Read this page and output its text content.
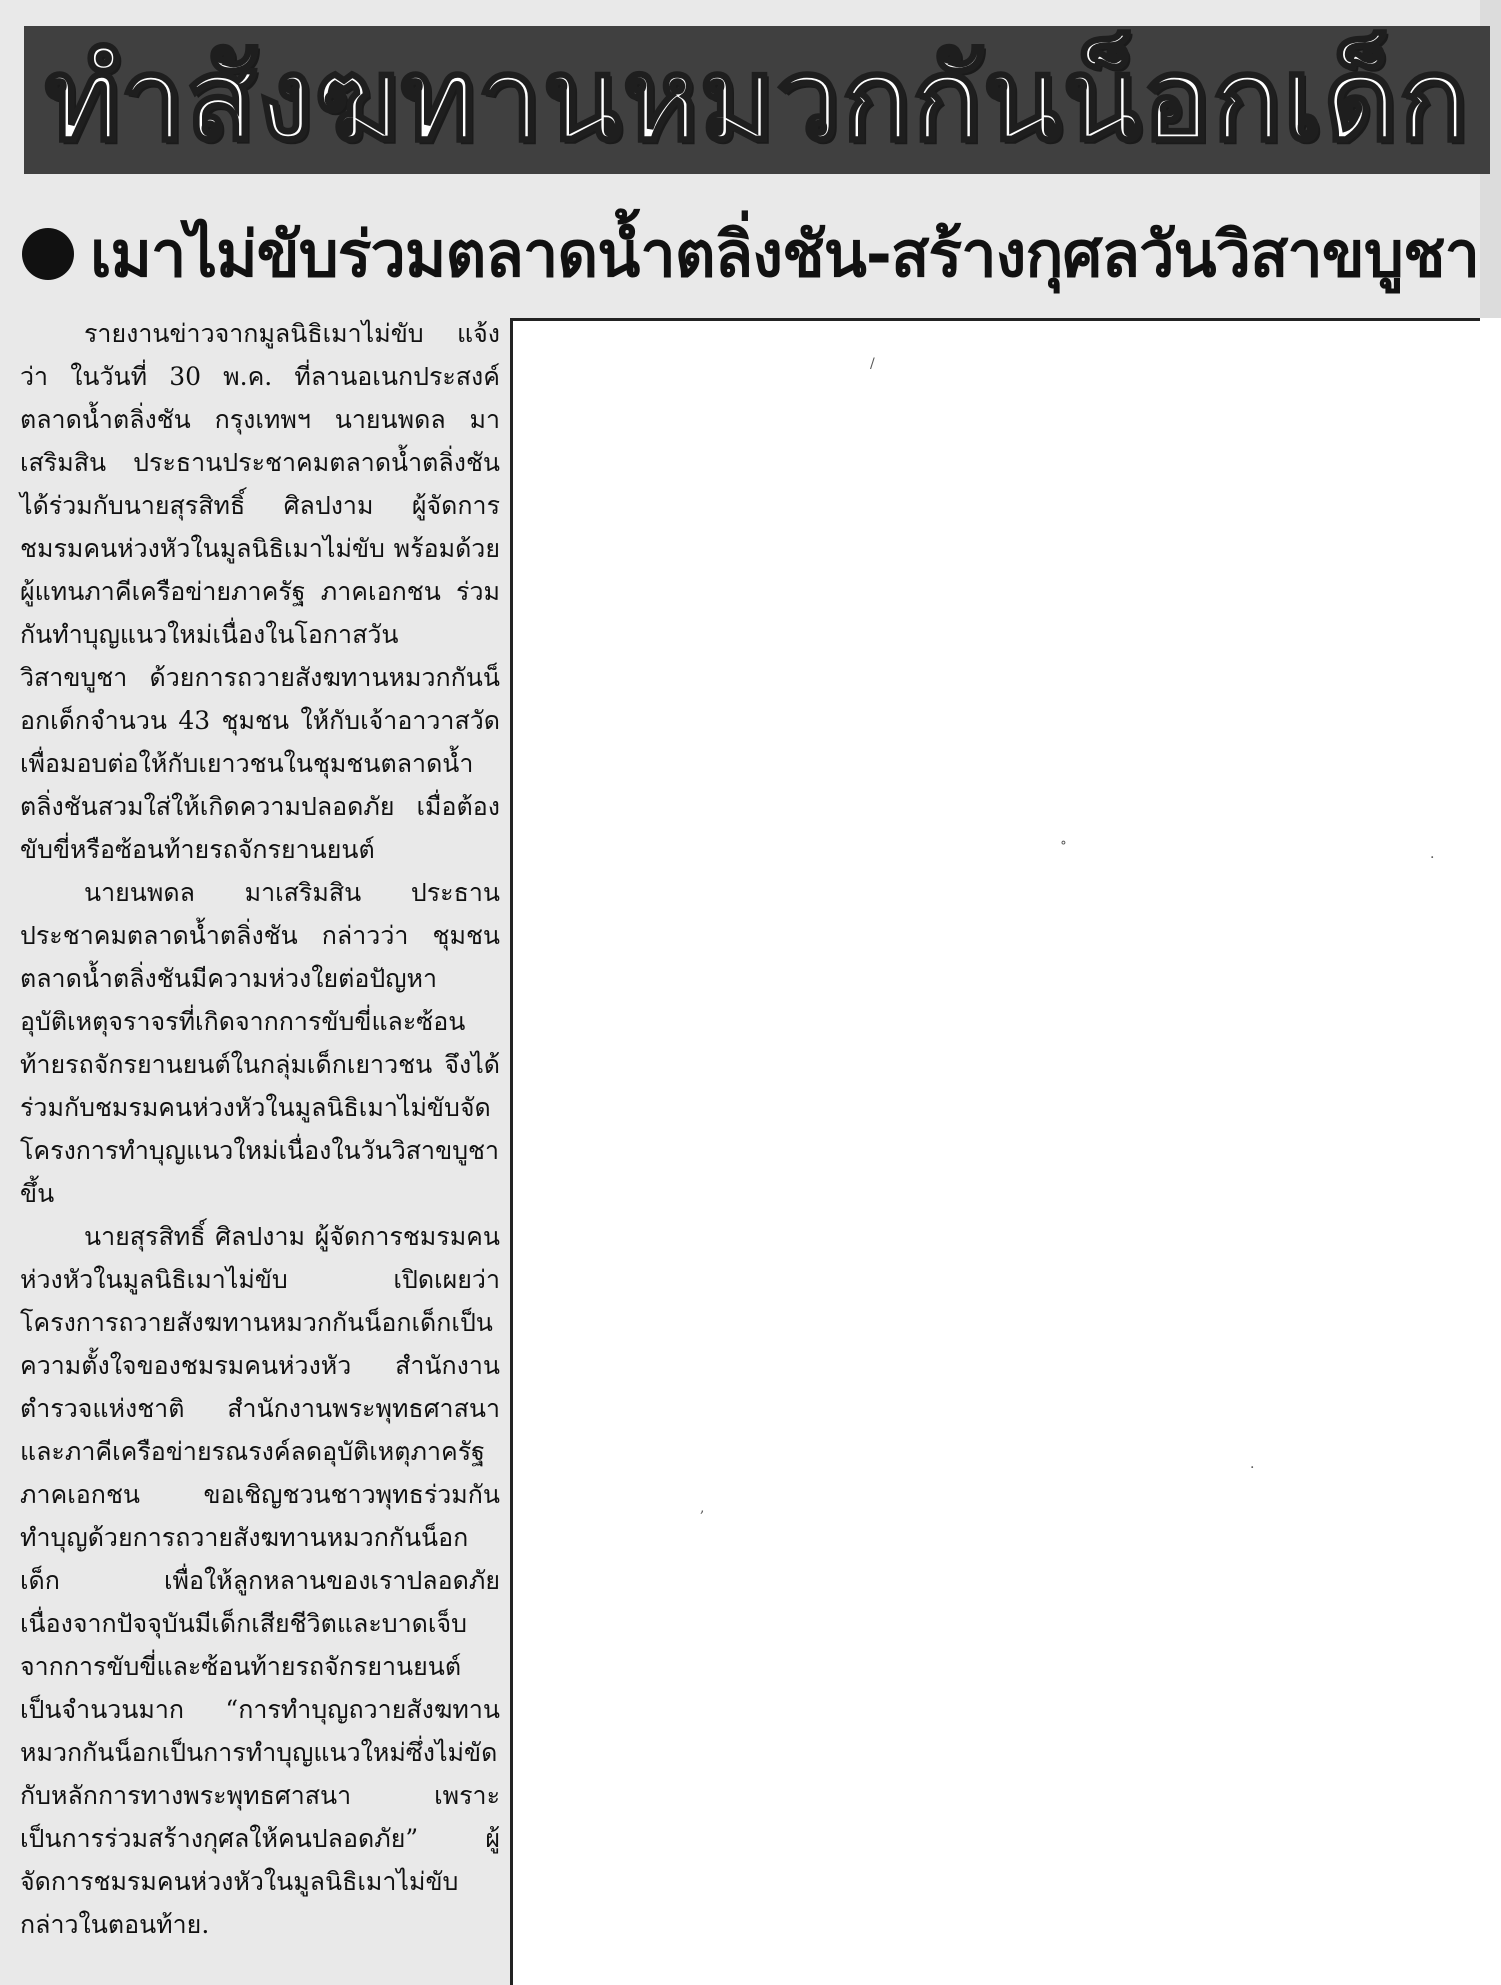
ทำสังฆทานหมวกกันน็อกเด็ก
เมาไม่ขับร่วมตลาดน้ำตลิ่งชัน-สร้างกุศลวันวิสาขบูชา

รายงานข่าวจากมูลนิธิเมาไม่ขับ แจ้งว่า ในวันที่ 30 พ.ค. ที่ลานอเนกประสงค์ตลาดน้ำตลิ่งชัน กรุงเทพฯ นายนพดล มาเสริมสิน ประธานประชาคมตลาดน้ำตลิ่งชัน ได้ร่วมกับนายสุรสิทธิ์ ศิลปงาม ผู้จัดการชมรมคนห่วงหัวในมูลนิธิเมาไม่ขับ พร้อมด้วยผู้แทนภาคีเครือข่ายภาครัฐ ภาคเอกชน ร่วมกันทำบุญแนวใหม่เนื่องในโอกาสวันวิสาขบูชา ด้วยการถวายสังฆทานหมวกกันน็อกเด็กจำนวน 43 ชุมชน ให้กับเจ้าอาวาสวัด เพื่อมอบต่อให้กับเยาวชนในชุมชนตลาดน้ำตลิ่งชันสวมใส่ให้เกิดความปลอดภัย เมื่อต้องขับขี่หรือซ้อนท้ายรถจักรยานยนต์

นายนพดล มาเสริมสิน ประธานประชาคมตลาดน้ำตลิ่งชัน กล่าวว่า ชุมชนตลาดน้ำตลิ่งชันมีความห่วงใยต่อปัญหาอุบัติเหตุจราจรที่เกิดจากการขับขี่และซ้อนท้ายรถจักรยานยนต์ในกลุ่มเด็กเยาวชน จึงได้ร่วมกับชมรมคนห่วงหัวในมูลนิธิเมาไม่ขับจัดโครงการทำบุญแนวใหม่เนื่องในวันวิสาขบูชาขึ้น

นายสุรสิทธิ์ ศิลปงาม ผู้จัดการชมรมคนห่วงหัวในมูลนิธิเมาไม่ขับ เปิดเผยว่า โครงการถวายสังฆทานหมวกกันน็อกเด็กเป็นความตั้งใจของชมรมคนห่วงหัว สำนักงานตำรวจแห่งชาติ สำนักงานพระพุทธศาสนา และภาคีเครือข่ายรณรงค์ลดอุบัติเหตุภาครัฐ ภาคเอกชน ขอเชิญชวนชาวพุทธร่วมกันทำบุญด้วยการถวายสังฆทานหมวกกันน็อกเด็ก เพื่อให้ลูกหลานของเราปลอดภัย เนื่องจากปัจจุบันมีเด็กเสียชีวิตและบาดเจ็บจากการขับขี่และซ้อนท้ายรถจักรยานยนต์เป็นจำนวนมาก “การทำบุญถวายสังฆทานหมวกกันน็อกเป็นการทำบุญแนวใหม่ซึ่งไม่ขัดกับหลักการทางพระพุทธศาสนา เพราะเป็นการร่วมสร้างกุศลให้คนปลอดภัย” ผู้จัดการชมรมคนห่วงหัวในมูลนิธิเมาไม่ขับกล่าวในตอนท้าย.

/
∘
·
,
·
